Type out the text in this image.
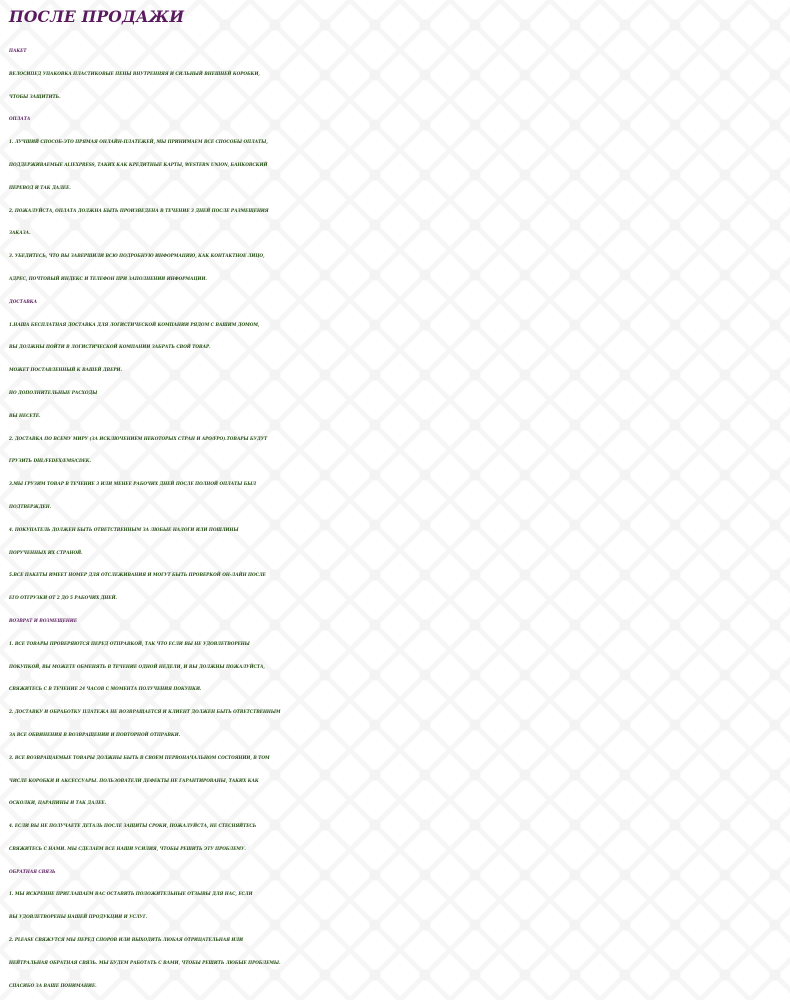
ПОСЛЕ ПРОДАЖИ
ПАКЕТ
ВЕЛОСИПЕД УПАКОВКА ПЛАСТИКОВЫЕ ПЕНЫ ВНУТРЕННЯЯ И СИЛЬНЫЙ ВНЕШНЕЙ КОРОБКИ,
ЧТОБЫ ЗАЩИТИТЬ.
ОПЛАТА
1. ЛУЧШИЙ СПОСОБ-ЭТО ПРЯМАЯ ОНЛАЙН-ПЛАТЕЖЕЙ, МЫ ПРИНИМАЕМ ВСЕ СПОСОБЫ ОПЛАТЫ,
ПОДДЕРЖИВАЕМЫЕ ALIEXPRESS, ТАКИХ КАК КРЕДИТНЫЕ КАРТЫ, WESTERN UNION, БАНКОВСКИЙ
ПЕРЕВОД И ТАК ДАЛЕЕ.
2. ПОЖАЛУЙСТА, ОПЛАТА ДОЛЖНА БЫТЬ ПРОИЗВЕДЕНА В ТЕЧЕНИЕ 3 ДНЕЙ ПОСЛЕ РАЗМЕЩЕНИЯ
ЗАКАЗА.
3. УБЕДИТЕСЬ, ЧТО ВЫ ЗАВЕРШИЛИ ВСЮ ПОДРОБНУЮ ИНФОРМАЦИЮ, КАК КОНТАКТНОЕ ЛИЦО,
АДРЕС, ПОЧТОВЫЙ ИНДЕКС И ТЕЛЕФОН ПРИ ЗАПОЛНЕНИИ ИНФОРМАЦИИ.
ДОСТАВКА
1.НАША БЕСПЛАТНАЯ ДОСТАВКА ДЛЯ ЛОГИСТИЧЕСКОЙ КОМПАНИИ РЯДОМ С ВАШИМ ДОМОМ,
ВЫ ДОЛЖНЫ ПОЙТИ В ЛОГИСТИЧЕСКОЙ КОМПАНИИ ЗАБРАТЬ СВОЙ ТОВАР.
МОЖЕТ ПОСТАВЛЕННЫЙ К ВАШЕЙ ДВЕРИ.
НО ДОПОЛНИТЕЛЬНЫЕ РАСХОДЫ
ВЫ НЕСЕТЕ.
2. ДОСТАВКА ПО ВСЕМУ МИРУ (ЗА ИСКЛЮЧЕНИЕМ НЕКОТОРЫХ СТРАН И APO/FPO).ТОВАРЫ БУДУТ
ГРУЗИТЬ DHL/FEDEX/EMS/CDEK.
3.МЫ ГРУЗИМ ТОВАР В ТЕЧЕНИЕ 3 ИЛИ МЕНЕЕ РАБОЧИХ ДНЕЙ ПОСЛЕ ПОЛНОЙ ОПЛАТЫ БЫЛ
ПОДТВЕРЖДЕН.
4. ПОКУПАТЕЛЬ ДОЛЖЕН БЫТЬ ОТВЕТСТВЕННЫМ ЗА ЛЮБЫЕ НАЛОГИ ИЛИ ПОШЛИНЫ
ПОРУЧЕННЫХ ИХ СТРАНОЙ.
5.ВСЕ ПАКЕТЫ ИМЕЕТ НОМЕР ДЛЯ ОТСЛЕЖИВАНИЯ И МОГУТ БЫТЬ ПРОВЕРКОЙ ОН-ЛАЙН ПОСЛЕ
ЕГО ОТГРУЗКИ ОТ 2 ДО 5 РАБОЧИХ ДНЕЙ.
ВОЗВРАТ И ВОЗМЕЩЕНИЕ
1. ВСЕ ТОВАРЫ ПРОВЕРЯЮТСЯ ПЕРЕД ОТПРАВКОЙ, ТАК ЧТО ЕСЛИ ВЫ НЕ УДОВЛЕТВОРЕНЫ
ПОКУПКОЙ, ВЫ МОЖЕТЕ ОБМЕНЯТЬ В ТЕЧЕНИЕ ОДНОЙ НЕДЕЛИ, И ВЫ ДОЛЖНЫ ПОЖАЛУЙСТА,
СВЯЖИТЕСЬ С В ТЕЧЕНИЕ 24 ЧАСОВ С МОМЕНТА ПОЛУЧЕНИЯ ПОКУПКИ.
2. ДОСТАВКУ И ОБРАБОТКУ ПЛАТЕЖА НЕ ВОЗВРАЩАЕТСЯ И КЛИЕНТ ДОЛЖЕН БЫТЬ ОТВЕТСТВЕННЫМ
ЗА ВСЕ ОБВИНЕНИЯ В ВОЗВРАЩЕНИИ И ПОВТОРНОЙ ОТПРАВКИ.
3. ВСЕ ВОЗВРАЩАЕМЫЕ ТОВАРЫ ДОЛЖНЫ БЫТЬ В СВОЕМ ПЕРВОНАЧАЛЬНОМ СОСТОЯНИИ, В ТОМ
ЧИСЛЕ КОРОБКИ И АКСЕССУАРЫ. ПОЛЬЗОВАТЕЛИ ДЕФЕКТЫ НЕ ГАРАНТИРОВАНЫ, ТАКИХ КАК
ОСКОЛКИ, ЦАРАПИНЫ И ТАК ДАЛЕЕ.
4. ЕСЛИ ВЫ НЕ ПОЛУЧАЕТЕ ДЕТАЛЬ ПОСЛЕ ЗАЩИТЫ СРОКИ, ПОЖАЛУЙСТА, НЕ СТЕСНЯЙТЕСЬ
СВЯЖИТЕСЬ С НАМИ. МЫ СДЕЛАЕМ ВСЕ НАШИ УСИЛИЯ, ЧТОБЫ РЕШИТЬ ЭТУ ПРОБЛЕМУ.
ОБРАТНАЯ СВЯЗЬ
1. МЫ ИСКРЕННЕ ПРИГЛАШАЕМ ВАС ОСТАВИТЬ ПОЛОЖИТЕЛЬНЫЕ ОТЗЫВЫ ДЛЯ НАС, ЕСЛИ
ВЫ УДОВЛЕТВОРЕНЫ НАШЕЙ ПРОДУКЦИИ И УСЛУГ.
2. PLEASE СВЯЖУТСЯ МЫ ПЕРЕД СПОРОВ ИЛИ ВЫХОДИТЬ ЛЮБАЯ ОТРИЦАТЕЛЬНАЯ ИЛИ
НЕЙТРАЛЬНАЯ ОБРАТНАЯ СВЯЗЬ. МЫ БУДЕМ РАБОТАТЬ С ВАМИ, ЧТОБЫ РЕШИТЬ ЛЮБЫЕ ПРОБЛЕМЫ.
СПАСИБО ЗА ВАШЕ ПОНИМАНИЕ.
